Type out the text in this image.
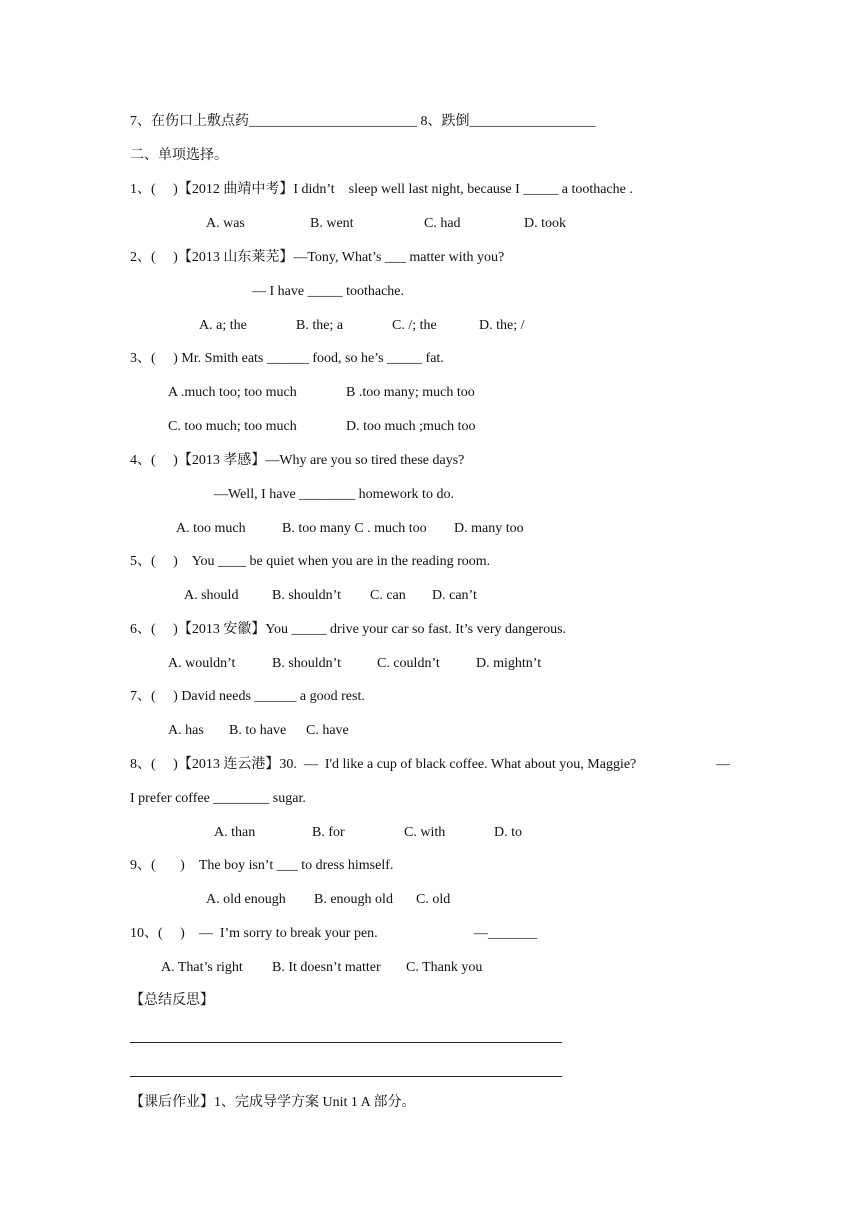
7、在伤口上敷点药________________________ 8、跌倒__________________
二、单项选择。
1、(     )【2012 曲靖中考】I didn’t    sleep well last night, because I _____ a toothache .
A. was	B. went	C. had	D. took
2、(     )【2013 山东莱芜】—Tony, What’s ___ matter with you?
— I have _____ toothache.
A. a; the	B. the; a	C. /; the	D. the; /
3、(     ) Mr. Smith eats ______ food, so he’s _____ fat.
A .much too; too much	B .too many; much too
C. too much; too much	D. too much ;much too
4、(     )【2013 孝感】—Why are you so tired these days?
—Well, I have ________ homework to do.
A. too much	B. too many C . much too D. many too
5、(     )    You ____ be quiet when you are in the reading room.
A. should B. shouldn’t C. can D. can’t
6、(     )【2013 安徽】You _____ drive your car so fast. It’s very dangerous.
A. wouldn’t	B. shouldn’t	C. couldn’t	D. mightn’t
7、(     ) David needs ______ a good rest.
A. has B. to have C. have
8、(     )【2013 连云港】30.  —  I'd like a cup of black coffee. What about you, Maggie?	—
I prefer coffee ________ sugar.
A. than	B. for	C. with	D. to
9、(       )    The boy isn’t ___ to dress himself.
A. old enough B. enough old C. old
10、(     )    —  I’m sorry to break your pen.	—_______
A. That’s right B. It doesn’t matter C. Thank you
【总结反思】
【课后作业】1、完成导学方案 Unit 1 A 部分。
